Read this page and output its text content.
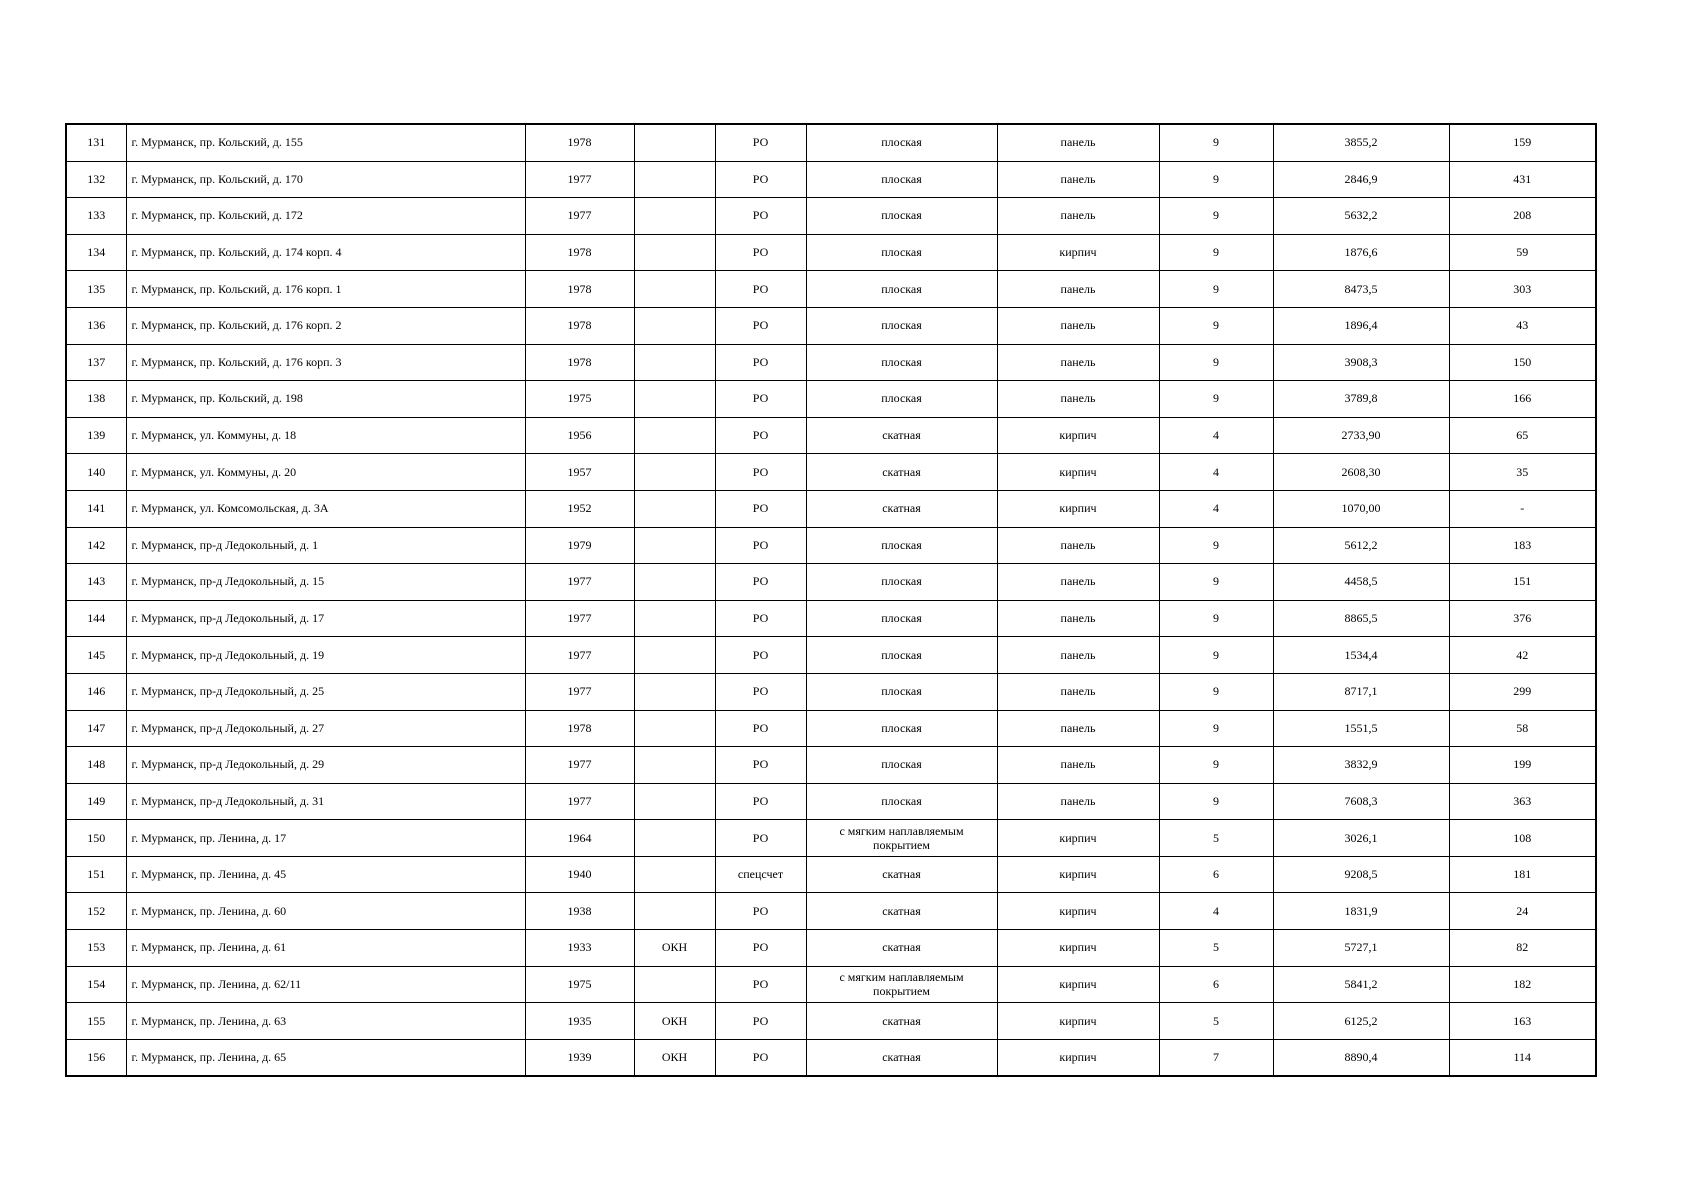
131	г. Мурманск, пр. Кольский, д. 155	1978		РО	плоская	панель	9	3855,2	159
132	г. Мурманск, пр. Кольский, д. 170	1977		РО	плоская	панель	9	2846,9	431
133	г. Мурманск, пр. Кольский, д. 172	1977		РО	плоская	панель	9	5632,2	208
134	г. Мурманск, пр. Кольский, д. 174 корп. 4	1978		РО	плоская	кирпич	9	1876,6	59
135	г. Мурманск, пр. Кольский, д. 176 корп. 1	1978		РО	плоская	панель	9	8473,5	303
136	г. Мурманск, пр. Кольский, д. 176 корп. 2	1978		РО	плоская	панель	9	1896,4	43
137	г. Мурманск, пр. Кольский, д. 176 корп. 3	1978		РО	плоская	панель	9	3908,3	150
138	г. Мурманск, пр. Кольский, д. 198	1975		РО	плоская	панель	9	3789,8	166
139	г. Мурманск, ул. Коммуны, д. 18	1956		РО	скатная	кирпич	4	2733,90	65
140	г. Мурманск, ул. Коммуны, д. 20	1957		РО	скатная	кирпич	4	2608,30	35
141	г. Мурманск, ул. Комсомольская, д. 3А	1952		РО	скатная	кирпич	4	1070,00	-
142	г. Мурманск, пр-д Ледокольный, д. 1	1979		РО	плоская	панель	9	5612,2	183
143	г. Мурманск, пр-д Ледокольный, д. 15	1977		РО	плоская	панель	9	4458,5	151
144	г. Мурманск, пр-д Ледокольный, д. 17	1977		РО	плоская	панель	9	8865,5	376
145	г. Мурманск, пр-д Ледокольный, д. 19	1977		РО	плоская	панель	9	1534,4	42
146	г. Мурманск, пр-д Ледокольный, д. 25	1977		РО	плоская	панель	9	8717,1	299
147	г. Мурманск, пр-д Ледокольный, д. 27	1978		РО	плоская	панель	9	1551,5	58
148	г. Мурманск, пр-д Ледокольный, д. 29	1977		РО	плоская	панель	9	3832,9	199
149	г. Мурманск, пр-д Ледокольный, д. 31	1977		РО	плоская	панель	9	7608,3	363
150	г. Мурманск, пр. Ленина, д. 17	1964		РО	с мягким наплавляемым покрытием	кирпич	5	3026,1	108
151	г. Мурманск, пр. Ленина, д. 45	1940		спецсчет	скатная	кирпич	6	9208,5	181
152	г. Мурманск, пр. Ленина, д. 60	1938		РО	скатная	кирпич	4	1831,9	24
153	г. Мурманск, пр. Ленина, д. 61	1933	ОКН	РО	скатная	кирпич	5	5727,1	82
154	г. Мурманск, пр. Ленина, д. 62/11	1975		РО	с мягким наплавляемым покрытием	кирпич	6	5841,2	182
155	г. Мурманск, пр. Ленина, д. 63	1935	ОКН	РО	скатная	кирпич	5	6125,2	163
156	г. Мурманск, пр. Ленина, д. 65	1939	ОКН	РО	скатная	кирпич	7	8890,4	114
